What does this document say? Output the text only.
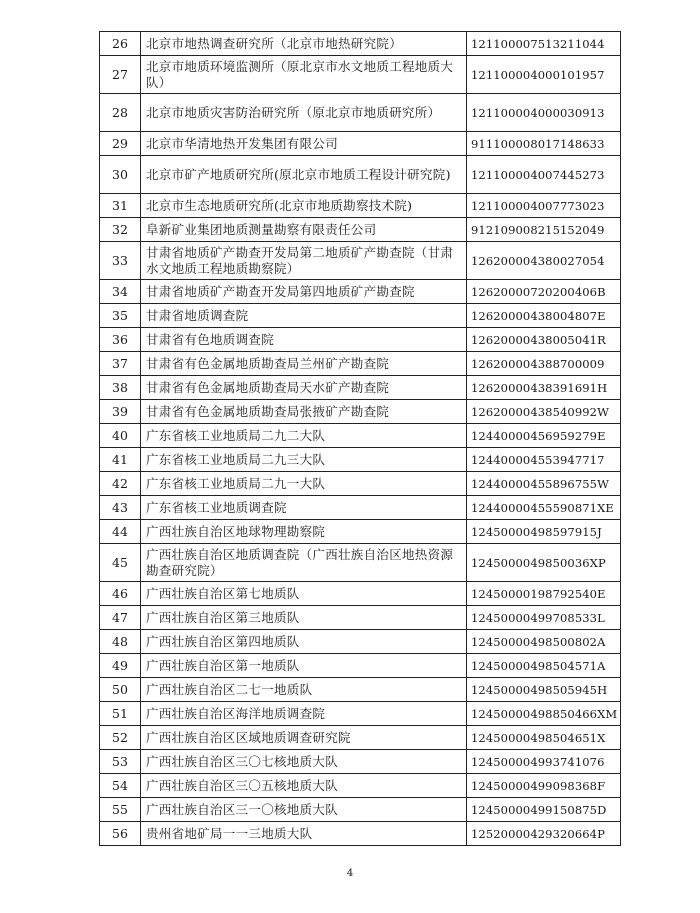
26	北京市地热调查研究所（北京市地热研究院）	121100007513211044
27	北京市地质环境监测所（原北京市水文地质工程地质大队）	121100004000101957
28	北京市地质灾害防治研究所（原北京市地质研究所）	121100004000030913
29	北京市华清地热开发集团有限公司	911100008017148633
30	北京市矿产地质研究所(原北京市地质工程设计研究院)	121100004007445273
31	北京市生态地质研究所(北京市地质勘察技术院)	121100004007773023
32	阜新矿业集团地质测量勘察有限责任公司	912109008215152049
33	甘肃省地质矿产勘查开发局第二地质矿产勘查院（甘肃水文地质工程地质勘察院）	126200004380027054
34	甘肃省地质矿产勘查开发局第四地质矿产勘查院	12620000720200406B
35	甘肃省地质调查院	12620000438004807E
36	甘肃省有色地质调查院	12620000438005041R
37	甘肃省有色金属地质勘查局兰州矿产勘查院	126200004388700009
38	甘肃省有色金属地质勘查局天水矿产勘查院	12620000438391691H
39	甘肃省有色金属地质勘查局张掖矿产勘查院	12620000438540992W
40	广东省核工业地质局二九二大队	12440000456959279E
41	广东省核工业地质局二九三大队	124400004553947717
42	广东省核工业地质局二九一大队	12440000455896755W
43	广东省核工业地质调查院	12440000455590871XE
44	广西壮族自治区地球物理勘察院	12450000498597915J
45	广西壮族自治区地质调查院（广西壮族自治区地热资源勘查研究院）	1245000049850036XP
46	广西壮族自治区第七地质队	12450000198792540E
47	广西壮族自治区第三地质队	12450000499708533L
48	广西壮族自治区第四地质队	12450000498500802A
49	广西壮族自治区第一地质队	12450000498504571A
50	广西壮族自治区二七一地质队	12450000498505945H
51	广西壮族自治区海洋地质调查院	12450000498850466XM
52	广西壮族自治区区域地质调查研究院	12450000498504651X
53	广西壮族自治区三〇七核地质大队	124500004993741076
54	广西壮族自治区三〇五核地质大队	12450000499098368F
55	广西壮族自治区三一〇核地质大队	12450000499150875D
56	贵州省地矿局一一三地质大队	12520000429320664P
4
